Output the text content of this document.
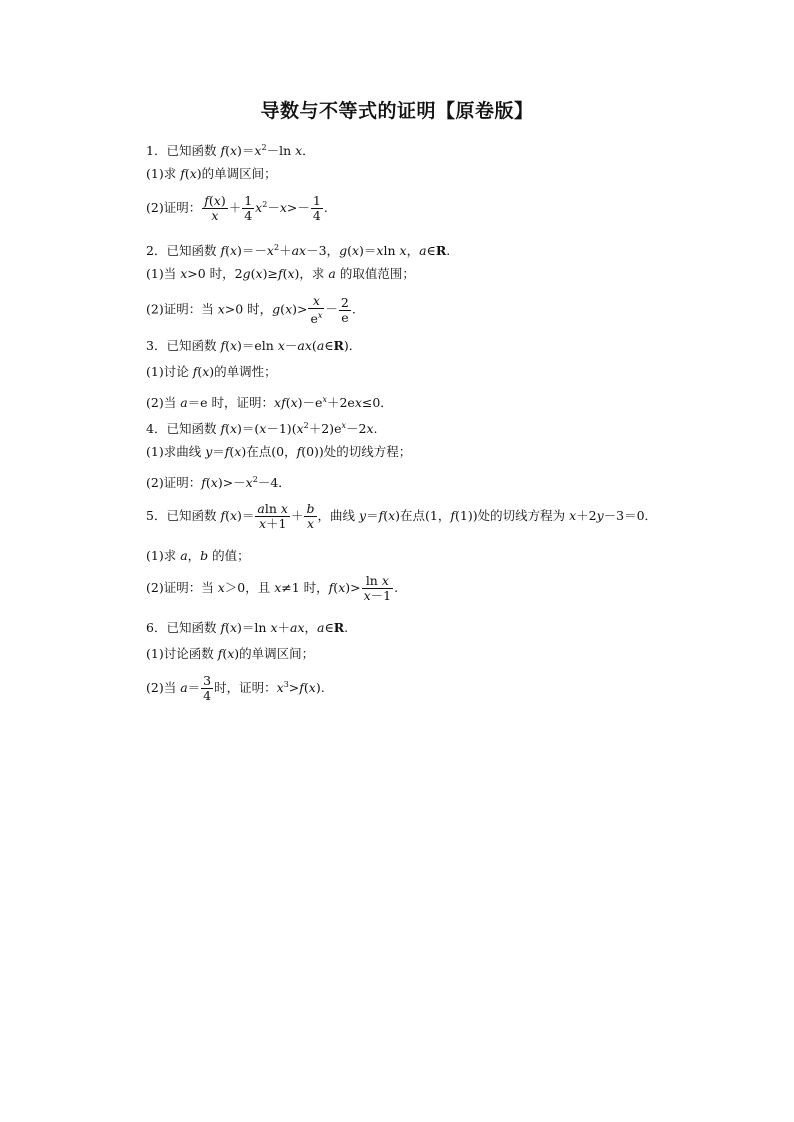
导数与不等式的证明【原卷版】
1．已知函数 $f(x)=x^2-\ln$ x．
(1)求 f(x)的单调区间；
(2)证明： $\frac{f(x)}{x} + \frac{1}{4} x^2-x>- \frac{1}{4}$ .
2．已知函数 $f(x)=-x^2+ax-3$，g(x)＝xln x，a∈R.
(1)当 x>0 时，2g(x)≥f(x)，求 a 的取值范围；
(2)证明：当 x>0 时，$g(x)> \frac{x}{e^x} - \frac{2}{e}$ .
3．已知函数 f(x)＝eln x－ax(a∈R)．
(1)讨论 f(x)的单调性；
(2)当 a＝e 时，证明：$xf(x)-e^x+2ex\le 0$．
4．已知函数 $f(x)=(x-1)(x^2+2)e^x-2x$.
(1)求曲线 y＝f(x)在点(0，f(0))处的切线方程；
(2)证明：$f(x)>-x^2-4$．
5．已知函数 $f(x)= \frac{\text{aln x}}{x+1} + \frac{b}{x}$ ，曲线 y＝f(x)在点(1，f(1))处的切线方程为 x＋2y－3＝0．
(1)求 a，b 的值；
(2)证明：当 x＞0，且 x≠1 时，$f(x)> \frac{\text{ln x}}{x-1}$ .
6．已知函数 f(x)＝ln x＋ax，a∈R.
(1)讨论函数 f(x)的单调区间；
(2)当 $a= \frac{3}{4}$ 时，证明：$x^3>f(x)$.
